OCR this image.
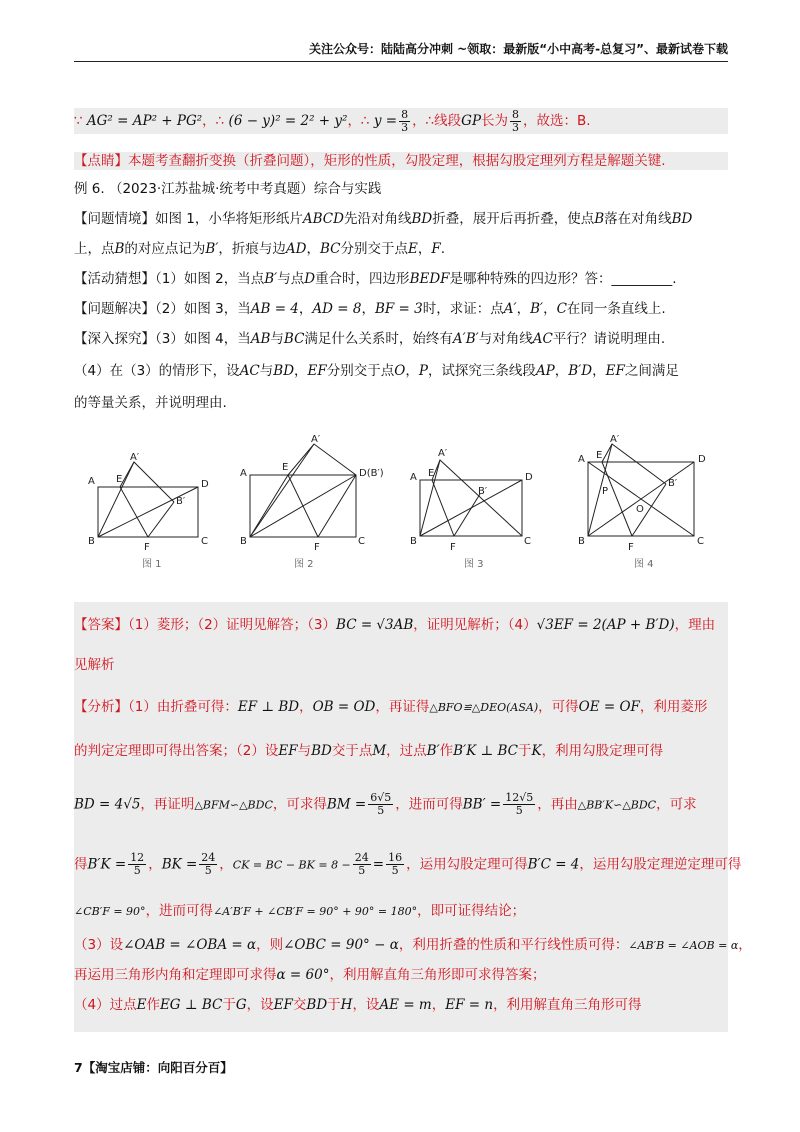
关注公众号：陆陆高分冲刺 ~领取：最新版“小中高考-总复习”、最新试卷下载
∵ AG² = AP² + PG²，∴ (6 − y)² = 2² + y²，∴ $y = \frac{8}{3}$ ，∴线段GP长为 $\frac{8}{3}$ ，故选：B.
【点睛】本题考查翻折变换（折叠问题），矩形的性质，勾股定理，根据勾股定理列方程是解题关键.
例 6. （2023·江苏盐城·统考中考真题）综合与实践
【问题情境】如图 1，小华将矩形纸片ABCD先沿对角线BD折叠，展开后再折叠，使点B落在对角线BD
上，点B的对应点记为B′，折痕与边AD，BC分别交于点E，F.
【活动猜想】（1）如图 2，当点B′与点D重合时，四边形BEDF是哪种特殊的四边形？答：_________.
【问题解决】（2）如图 3，当AB = 4，AD = 8，BF = 3时，求证：点A′，B′，C在同一条直线上.
【深入探究】（3）如图 4，当AB与BC满足什么关系时，始终有A′B′与对角线AC平行？请说明理由.
（4）在（3）的情形下，设AC与BD，EF分别交于点O，P，试探究三条线段AP，B′D，EF之间满足
的等量关系，并说明理由.
A E
A′
D
B′
B
F
C
图 1
A
E
A′
D(B′)
B
F
C
图 2
A E
A′
D
B′
B
F
C
图 3
A E
A′
D
B′
P
O
B
F
C
图 4
【答案】（1）菱形；（2）证明见解答；（3）BC = √3AB，证明见解析；（4）√3EF = 2(AP + B′D)，理由
见解析
【分析】（1）由折叠可得：EF ⊥ BD，OB = OD，再证得△BFO≌△DEO(ASA)，可得OE = OF，利用菱形
的判定定理即可得出答案；（2）设EF与BD交于点M，过点B′作B′K ⊥ BC于K，利用勾股定理可得
BD = 4√5，再证明△BFM∽△BDC，可求得BM = $\frac{6√5}{5}$ ，进而可得$BB' = \frac{12√5}{5}$ ，再由△BB′K∽△BDC，可求
得$B'K = \frac{12}{5}$ ，BK = $\frac{24}{5}$ ，CK = BC − BK = $8 - \frac{24}{5} = \frac{16}{5}$ ，运用勾股定理可得B′C = 4，运用勾股定理逆定理可得
∠CB′F = 90°，进而可得∠A′B′F + ∠CB′F = 90° + 90° = 180°，即可证得结论；
（3）设∠OAB = ∠OBA = α，则∠OBC = 90° − α，利用折叠的性质和平行线性质可得：∠AB′B = ∠AOB = α，
再运用三角形内角和定理即可求得α = 60°，利用解直角三角形即可求得答案；
（4）过点E作EG ⊥ BC于G，设EF交BD于H，设AE = m，EF = n，利用解直角三角形可得
7【淘宝店铺：向阳百分百】
